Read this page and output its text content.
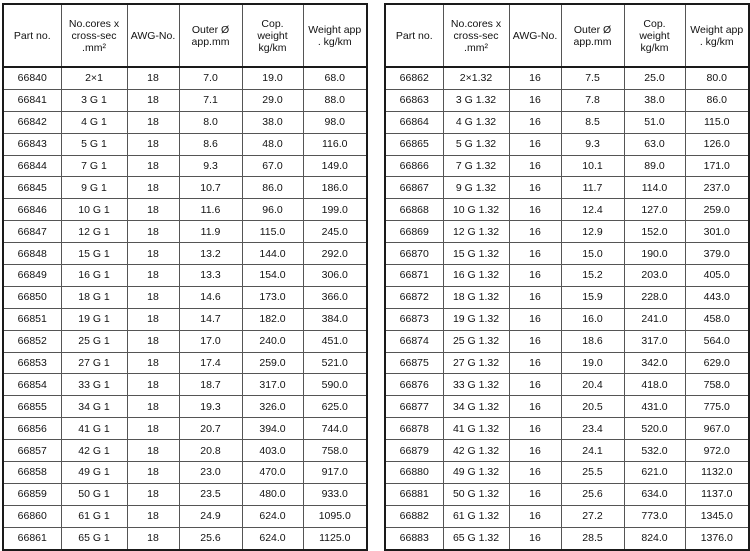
Part no.	No.cores x
cross-sec
.mm²	AWG-No.	Outer Ø
app.mm	Cop.
weight
kg/km	Weight app
. kg/km
66840	2×1	18	7.0	19.0	68.0
66841	3 G 1	18	7.1	29.0	88.0
66842	4 G 1	18	8.0	38.0	98.0
66843	5 G 1	18	8.6	48.0	116.0
66844	7 G 1	18	9.3	67.0	149.0
66845	9 G 1	18	10.7	86.0	186.0
66846	10 G 1	18	11.6	96.0	199.0
66847	12 G 1	18	11.9	115.0	245.0
66848	15 G 1	18	13.2	144.0	292.0
66849	16 G 1	18	13.3	154.0	306.0
66850	18 G 1	18	14.6	173.0	366.0
66851	19 G 1	18	14.7	182.0	384.0
66852	25 G 1	18	17.0	240.0	451.0
66853	27 G 1	18	17.4	259.0	521.0
66854	33 G 1	18	18.7	317.0	590.0
66855	34 G 1	18	19.3	326.0	625.0
66856	41 G 1	18	20.7	394.0	744.0
66857	42 G 1	18	20.8	403.0	758.0
66858	49 G 1	18	23.0	470.0	917.0
66859	50 G 1	18	23.5	480.0	933.0
66860	61 G 1	18	24.9	624.0	1095.0
66861	65 G 1	18	25.6	624.0	1125.0
Part no.	No.cores x
cross-sec
.mm²	AWG-No.	Outer Ø
app.mm	Cop.
weight
kg/km	Weight app
. kg/km
66862	2×1.32	16	7.5	25.0	80.0
66863	3 G 1.32	16	7.8	38.0	86.0
66864	4 G 1.32	16	8.5	51.0	115.0
66865	5 G 1.32	16	9.3	63.0	126.0
66866	7 G 1.32	16	10.1	89.0	171.0
66867	9 G 1.32	16	11.7	114.0	237.0
66868	10 G 1.32	16	12.4	127.0	259.0
66869	12 G 1.32	16	12.9	152.0	301.0
66870	15 G 1.32	16	15.0	190.0	379.0
66871	16 G 1.32	16	15.2	203.0	405.0
66872	18 G 1.32	16	15.9	228.0	443.0
66873	19 G 1.32	16	16.0	241.0	458.0
66874	25 G 1.32	16	18.6	317.0	564.0
66875	27 G 1.32	16	19.0	342.0	629.0
66876	33 G 1.32	16	20.4	418.0	758.0
66877	34 G 1.32	16	20.5	431.0	775.0
66878	41 G 1.32	16	23.4	520.0	967.0
66879	42 G 1.32	16	24.1	532.0	972.0
66880	49 G 1.32	16	25.5	621.0	1132.0
66881	50 G 1.32	16	25.6	634.0	1137.0
66882	61 G 1.32	16	27.2	773.0	1345.0
66883	65 G 1.32	16	28.5	824.0	1376.0
